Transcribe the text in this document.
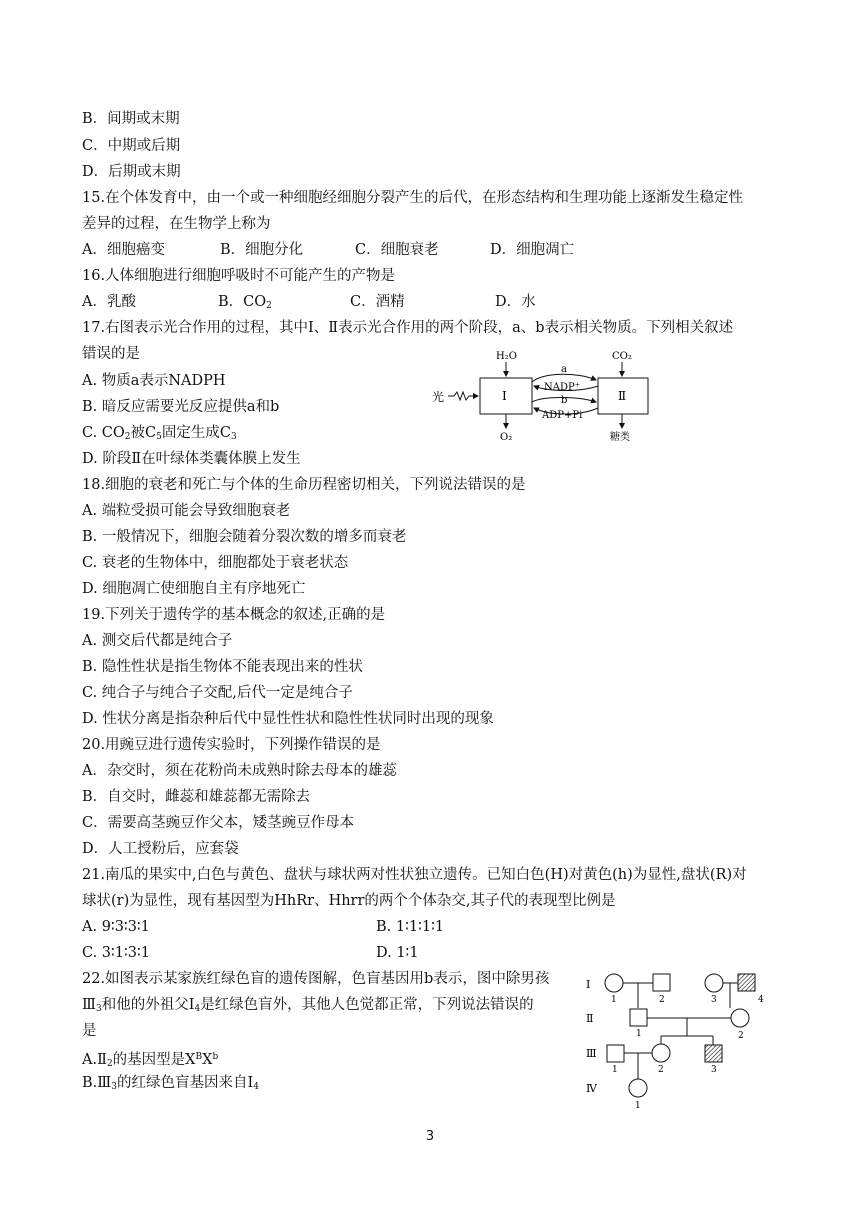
B．间期或末期
C．中期或后期
D．后期或末期
15.在个体发育中，由一个或一种细胞经细胞分裂产生的后代，在形态结构和生理功能上逐渐发生稳定性
差异的过程，在生物学上称为
A．细胞癌变	B．细胞分化	C．细胞衰老	D．细胞凋亡
16.人体细胞进行细胞呼吸时不可能产生的产物是
A．乳酸	B．$CO_2$	C．酒精	D．水
17.右图表示光合作用的过程，其中Ⅰ、Ⅱ表示光合作用的两个阶段，a、b表示相关物质。下列相关叙述
错误的是
A. 物质a表示NADPH
B. 暗反应需要光反应提供a和b
C. $CO_2$被$C_5$固定生成$C_3$
D. 阶段Ⅱ在叶绿体类囊体膜上发生
H₂O	CO₂
Ⅰ	Ⅱ
光
a
NADP⁺
b
ADP+Pi
O₂	糖类
18.细胞的衰老和死亡与个体的生命历程密切相关，下列说法错误的是
A. 端粒受损可能会导致细胞衰老
B. 一般情况下，细胞会随着分裂次数的增多而衰老
C. 衰老的生物体中，细胞都处于衰老状态
D. 细胞凋亡使细胞自主有序地死亡
19.下列关于遗传学的基本概念的叙述,正确的是
A. 测交后代都是纯合子
B. 隐性性状是指生物体不能表现出来的性状
C. 纯合子与纯合子交配,后代一定是纯合子
D. 性状分离是指杂种后代中显性性状和隐性性状同时出现的现象
20.用豌豆进行遗传实验时，下列操作错误的是
A．杂交时，须在花粉尚未成熟时除去母本的雄蕊
B．自交时，雌蕊和雄蕊都无需除去
C．需要高茎豌豆作父本，矮茎豌豆作母本
D．人工授粉后，应套袋
21.南瓜的果实中,白色与黄色、盘状与球状两对性状独立遗传。已知白色(H)对黄色(h)为显性,盘状(R)对
球状(r)为显性，现有基因型为HhRr、Hhrr的两个个体杂交,其子代的表现型比例是
A. 9∶3∶3∶1	B. 1∶1∶1∶1
C. 3∶1∶3∶1	D. 1∶1
22.如图表示某家族红绿色盲的遗传图解，色盲基因用b表示，图中除男孩
$Ⅲ_3$和他的外祖父$Ⅰ_4$是红绿色盲外，其他人色觉都正常，下列说法错误的
是
$A.Ⅱ_2$的基因型是$X^BX^b$
$B.Ⅲ_3$的红绿色盲基因来自$Ⅰ_4$
Ⅰ
Ⅱ
Ⅲ
Ⅳ
1	2	3	4
1	2
1	2	3
1
3
